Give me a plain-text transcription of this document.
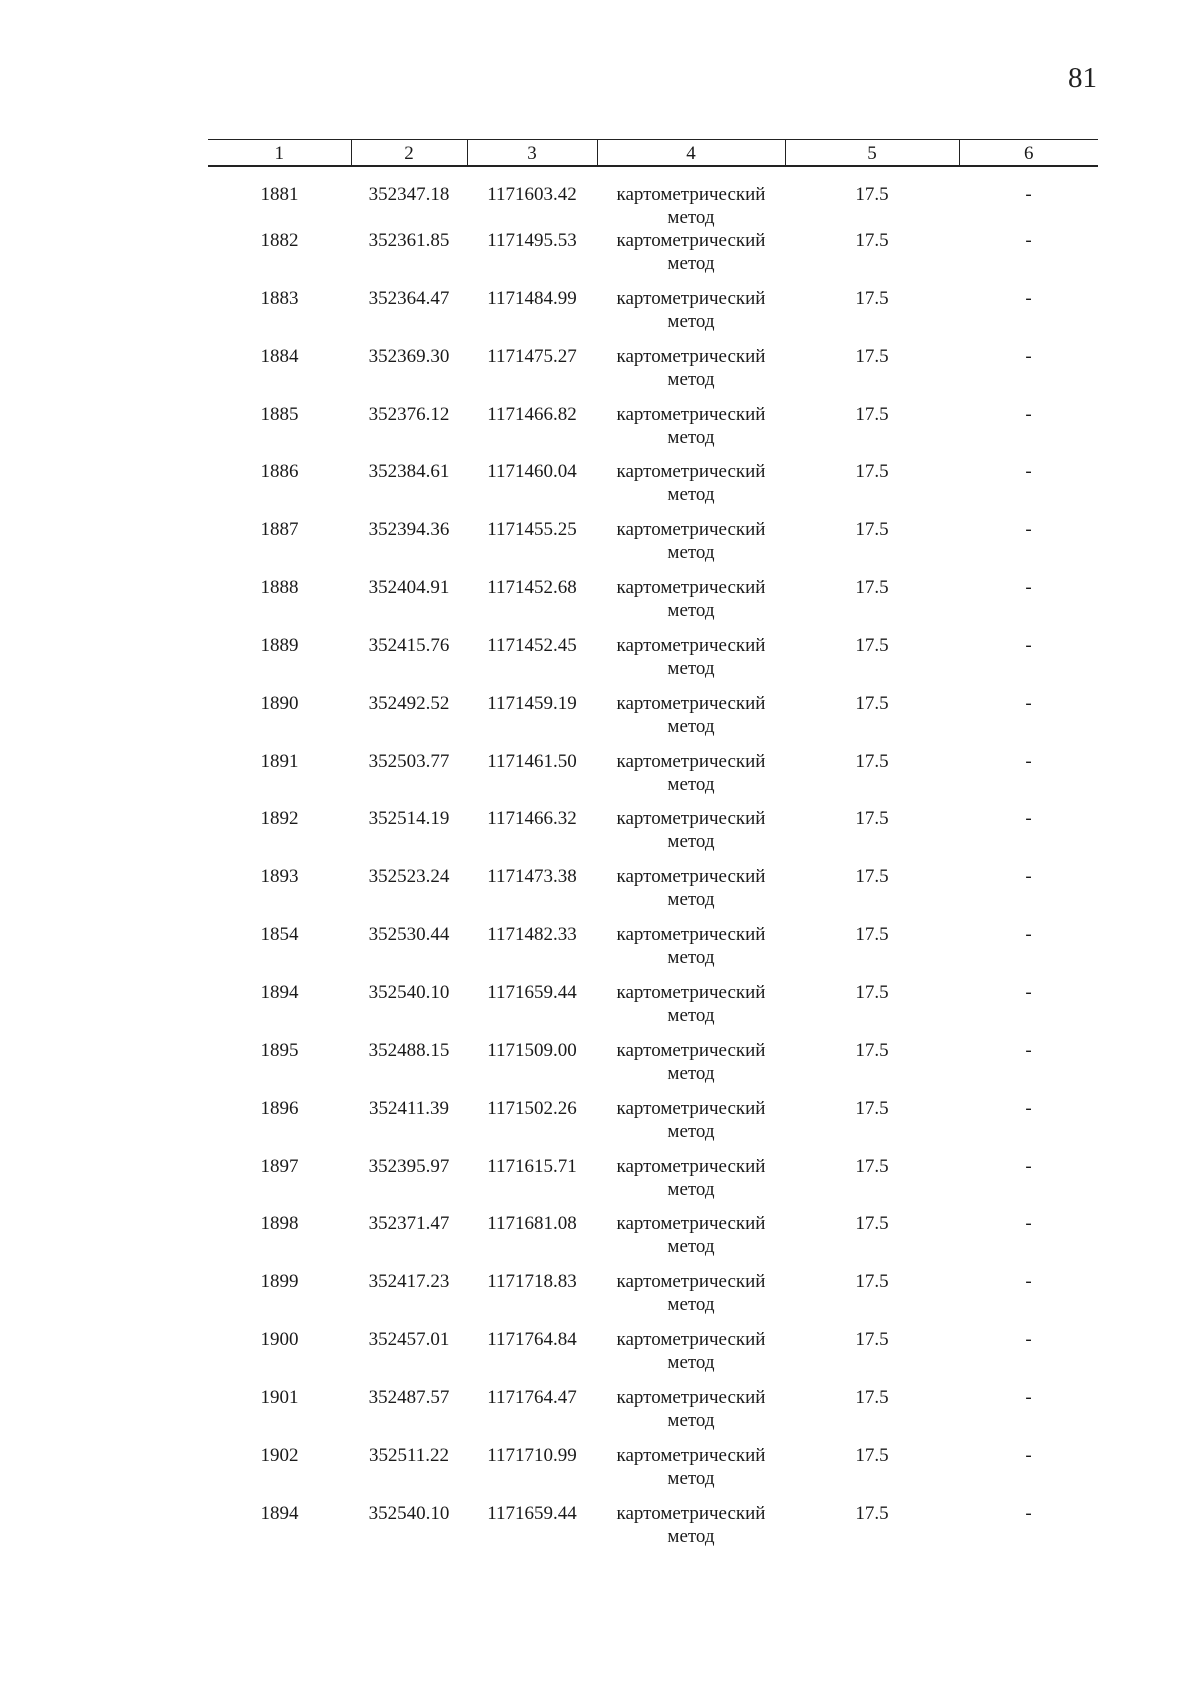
81
1	2	3	4	5	6

1881	352347.18	1171603.42	картометрический
метод	17.5	-

1882	352361.85	1171495.53	картометрический
метод	17.5	-

1883	352364.47	1171484.99	картометрический
метод	17.5	-

1884	352369.30	1171475.27	картометрический
метод	17.5	-

1885	352376.12	1171466.82	картометрический
метод	17.5	-

1886	352384.61	1171460.04	картометрический
метод	17.5	-

1887	352394.36	1171455.25	картометрический
метод	17.5	-

1888	352404.91	1171452.68	картометрический
метод	17.5	-

1889	352415.76	1171452.45	картометрический
метод	17.5	-

1890	352492.52	1171459.19	картометрический
метод	17.5	-

1891	352503.77	1171461.50	картометрический
метод	17.5	-

1892	352514.19	1171466.32	картометрический
метод	17.5	-

1893	352523.24	1171473.38	картометрический
метод	17.5	-

1854	352530.44	1171482.33	картометрический
метод	17.5	-

1894	352540.10	1171659.44	картометрический
метод	17.5	-

1895	352488.15	1171509.00	картометрический
метод	17.5	-

1896	352411.39	1171502.26	картометрический
метод	17.5	-

1897	352395.97	1171615.71	картометрический
метод	17.5	-

1898	352371.47	1171681.08	картометрический
метод	17.5	-

1899	352417.23	1171718.83	картометрический
метод	17.5	-

1900	352457.01	1171764.84	картометрический
метод	17.5	-

1901	352487.57	1171764.47	картометрический
метод	17.5	-

1902	352511.22	1171710.99	картометрический
метод	17.5	-

1894	352540.10	1171659.44	картометрический
метод	17.5	-
